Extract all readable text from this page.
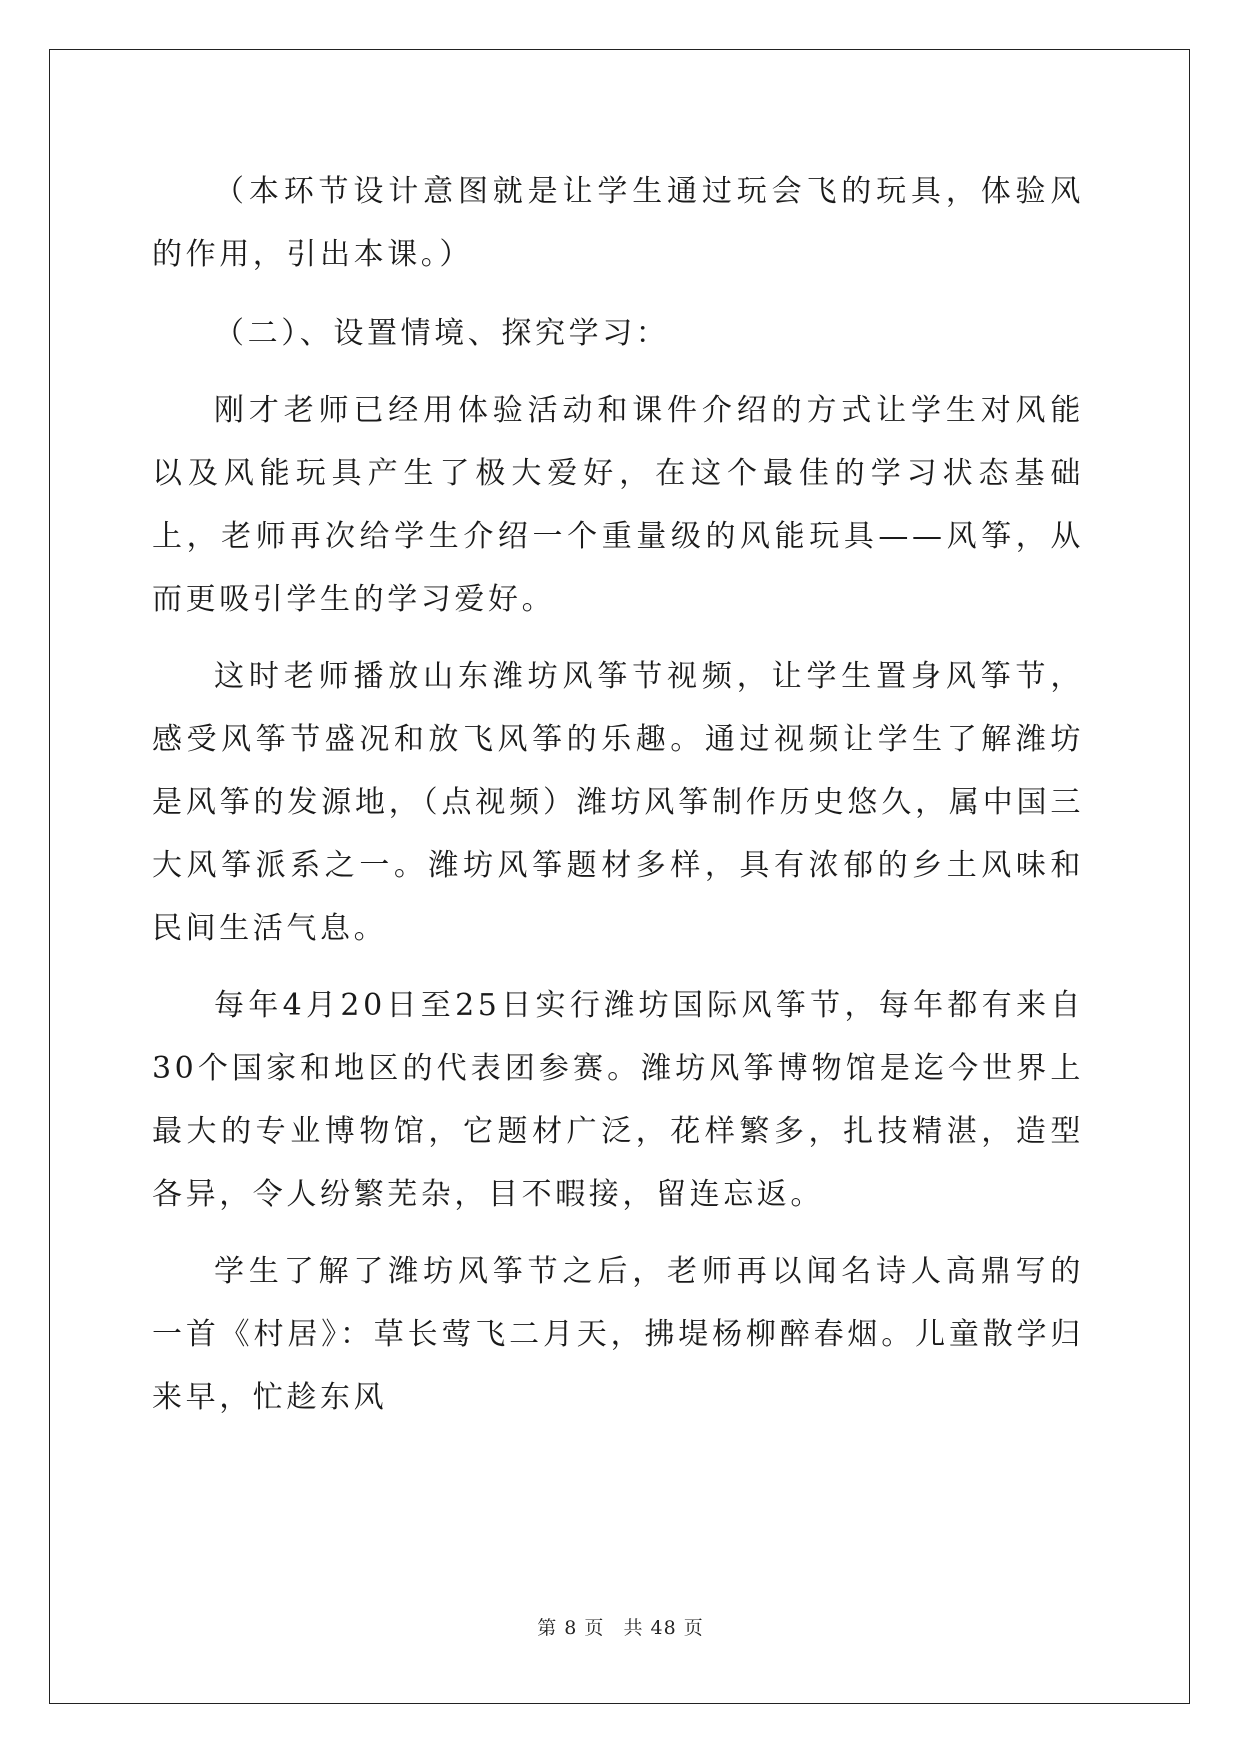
（本环节设计意图就是让学生通过玩会飞的玩具，体验风的作用，引出本课。）

（二）、设置情境、探究学习：

刚才老师已经用体验活动和课件介绍的方式让学生对风能以及风能玩具产生了极大爱好，在这个最佳的学习状态基础上，老师再次给学生介绍一个重量级的风能玩具——风筝，从而更吸引学生的学习爱好。

这时老师播放山东潍坊风筝节视频，让学生置身风筝节，感受风筝节盛况和放飞风筝的乐趣。通过视频让学生了解潍坊是风筝的发源地，（点视频）潍坊风筝制作历史悠久，属中国三大风筝派系之一。潍坊风筝题材多样，具有浓郁的乡土风味和民间生活气息。

每年4月20日至25日实行潍坊国际风筝节，每年都有来自30个国家和地区的代表团参赛。潍坊风筝博物馆是迄今世界上最大的专业博物馆，它题材广泛，花样繁多，扎技精湛，造型各异，令人纷繁芜杂，目不暇接，留连忘返。

学生了解了潍坊风筝节之后，老师再以闻名诗人高鼎写的一首《村居》：草长莺飞二月天，拂堤杨柳醉春烟。儿童散学归来早，忙趁东风

第 8 页 共 48 页
